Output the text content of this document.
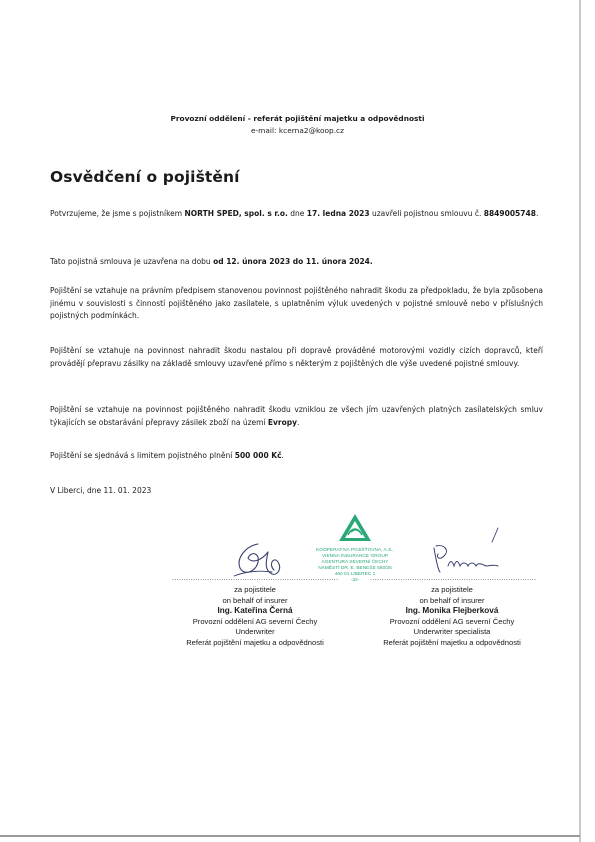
Provozní oddělení - referát pojištění majetku a odpovědnosti
e-mail: kcerna2@koop.cz
Osvědčení o pojištění
Potvrzujeme, že jsme s pojistníkem NORTH SPED, spol. s r.o. dne 17. ledna 2023 uzavřeli pojistnou smlouvu č. 8849005748.
Tato pojistná smlouva je uzavřena na dobu od 12. února 2023 do 11. února 2024.
Pojištění se vztahuje na právním předpisem stanovenou povinnost pojištěného nahradit škodu za předpokladu, že byla způsobena jinému v souvislosti s činností pojištěného jako zasílatele, s uplatněním výluk uvedených v pojistné smlouvě nebo v příslušných pojistných podmínkách.
Pojištění se vztahuje na povinnost nahradit škodu nastalou při dopravě prováděné motorovými vozidly cizích dopravců, kteří provádějí přepravu zásilky na základě smlouvy uzavřené přímo s některým z pojištěných dle výše uvedené pojistné smlouvy.
Pojištění se vztahuje na povinnost pojištěného nahradit škodu vzniklou ze všech jím uzavřených platných zasílatelských smluv týkajících se obstarávání přepravy zásilek zboží na území Evropy.
Pojištění se sjednává s limitem pojistného plnění 500 000 Kč.
V Liberci, dne 11. 01. 2023
KOOPERATIVA POJIŠŤOVNA, A.S.,
VIENNA INSURANCE GROUP
AGENTURA SEVERNÍ ČECHY
NÁMĚSTÍ DR. E. BENEŠE 560/25
460 01 LIBEREC 1
-32-
.......................................................................	.......................................................................
za pojistitele
on behalf of insurer
Ing. Kateřina Černá
Provozní oddělení AG severní Čechy
Underwriter
Referát pojištění majetku a odpovědnosti
za pojistitele
on behalf of insurer
Ing. Monika Flejberková
Provozní oddělení AG severní Čechy
Underwriter specialista
Referát pojištění majetku a odpovědnosti
